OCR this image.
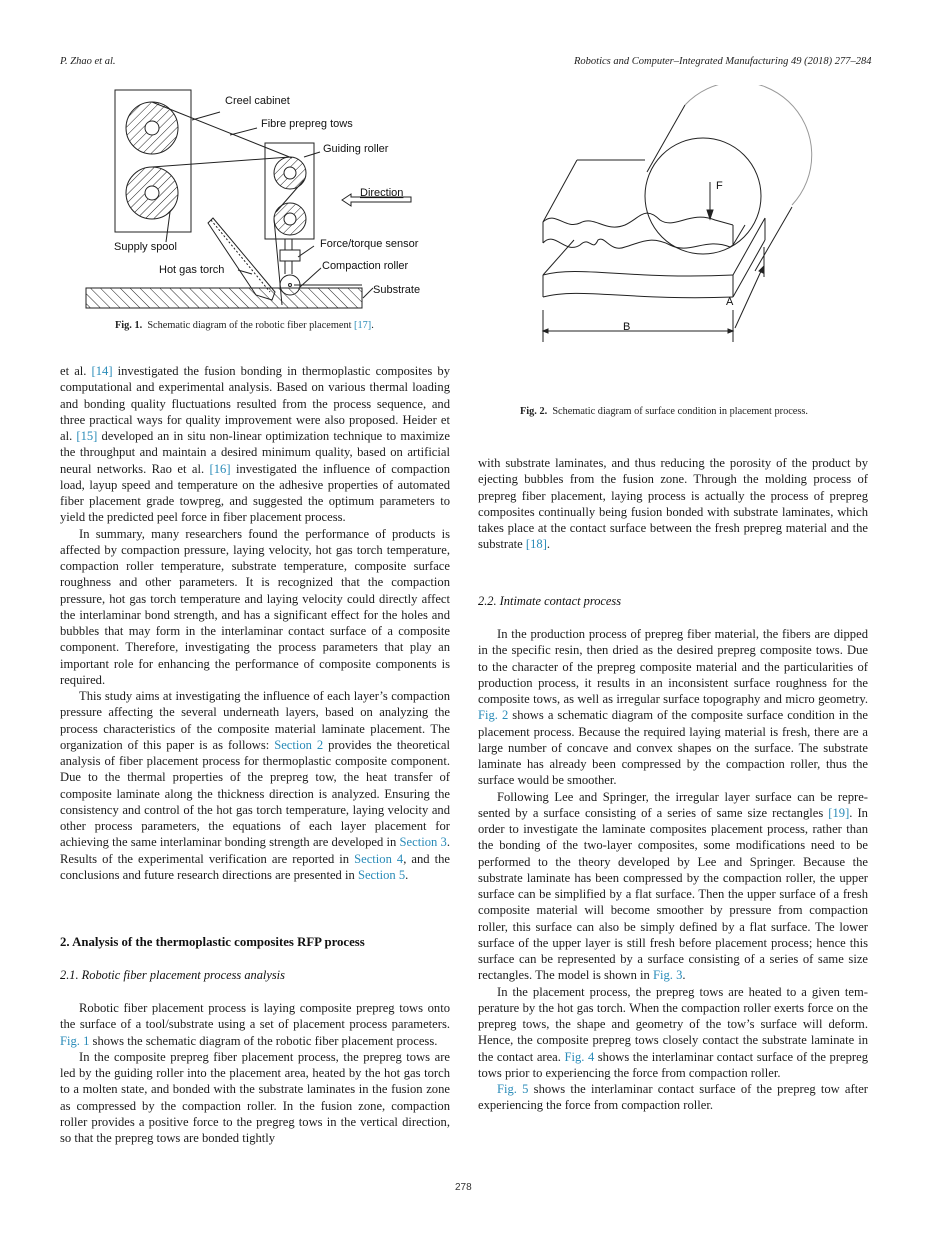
P. Zhao et al.	Robotics and Computer–Integrated Manufacturing 49 (2018) 277–284
Creel cabinet
Fibre prepreg tows
Guiding roller
Direction
Supply spool	Force/torque sensor
Hot gas torch	Compaction roller
Substrate
Fig. 1. Schematic diagram of the robotic fiber placement [17].
F
A
B
Fig. 2. Schematic diagram of surface condition in placement process.

et al. [14] investigated the fusion bonding in thermoplastic composites by computational and experimental analysis. Based on various thermal loading and bonding quality fluctuations resulted from the process sequence, and three practical ways for quality improvement were also proposed. Heider et al. [15] developed an in situ non-linear optimization technique to maximize the throughput and maintain a desired minimum quality, based on artificial neural networks. Rao et al. [16] investigated the influence of compaction load, layup speed and temperature on the adhesive properties of automated fiber placement grade towpreg, and suggested the optimum parameters to yield the predicted peel force in fiber placement process.

In summary, many researchers found the performance of products is affected by compaction pressure, laying velocity, hot gas torch temperature, compaction roller temperature, substrate temperature, composite surface roughness and other parameters. It is recognized that the compaction pressure, hot gas torch temperature and laying velocity could directly affect the interlaminar bond strength, and has a significant effect for the holes and bubbles that may form in the interlaminar contact surface of a composite component. Therefore, investigating the process parameters that play an important role for enhancing the performance of composite components is required.

This study aims at investigating the influence of each layer’s compaction pressure affecting the several underneath layers, based on analyzing the process characteristics of the composite material laminate placement. The organization of this paper is as follows: Section 2 provides the theoretical analysis of fiber placement process for thermoplastic composite component. Due to the thermal properties of the prepreg tow, the heat transfer of composite laminate along the thickness direction is analyzed. Ensuring the consistency and control of the hot gas torch temperature, laying velocity and other process parameters, the equations of each layer placement for achieving the same interlaminar bonding strength are developed in Section 3. Results of the experimental verification are reported in Section 4, and the conclusions and future research directions are presented in Section 5.

2. Analysis of the thermoplastic composites RFP process
2.1. Robotic fiber placement process analysis

Robotic fiber placement process is laying composite prepreg tows onto the surface of a tool/substrate using a set of placement process parameters. Fig. 1 shows the schematic diagram of the robotic fiber placement process.

In the composite prepreg fiber placement process, the prepreg tows are led by the guiding roller into the placement area, heated by the hot gas torch to a molten state, and bonded with the substrate laminates in the fusion zone as compressed by the compaction roller. In the fusion zone, compaction roller provides a positive force to the pregreg tows in the vertical direction, so that the prepreg tows are bonded tightly

with substrate laminates, and thus reducing the porosity of the product by ejecting bubbles from the fusion zone. Through the molding process of prepreg fiber placement, laying process is actually the process of prepreg composites continually being fusion bonded with substrate laminates, which takes place at the contact surface between the fresh prepreg material and the substrate [18].

2.2. Intimate contact process

In the production process of prepreg fiber material, the fibers are dipped in the specific resin, then dried as the desired prepreg composite tows. Due to the character of the prepreg composite material and the particularities of production process, it results in an inconsistent surface roughness for the composite tows, as well as irregular surface topography and micro geometry. Fig. 2 shows a schematic diagram of the composite surface condition in the placement process. Because the required laying material is fresh, there are a large number of concave and convex shapes on the surface. The substrate laminate has already been compressed by the compaction roller, thus the surface would be smoother.

Following Lee and Springer, the irregular layer surface can be represented by a surface consisting of a series of same size rectangles [19]. In order to investigate the laminate composites placement process, rather than the bonding of the two-layer composites, some modifications need to be performed to the theory developed by Lee and Springer. Because the substrate laminate has been compressed by the compaction roller, the upper surface can be simplified by a flat surface. Then the upper surface of a fresh composite material will become smoother by pressure from compaction roller, this surface can also be simply defined by a flat surface. The lower surface of the upper layer is still fresh before placement process; hence this surface can be represented by a surface consisting of a series of same size rectangles. The model is shown in Fig. 3.

In the placement process, the prepreg tows are heated to a given temperature by the hot gas torch. When the compaction roller exerts force on the prepreg tows, the shape and geometry of the tow’s surface will deform. Hence, the composite prepreg tows closely contact the substrate laminate in the contact area. Fig. 4 shows the interlaminar contact surface of the prepreg tows prior to experiencing the force from compaction roller.

Fig. 5 shows the interlaminar contact surface of the prepreg tow after experiencing the force from compaction roller.

278
